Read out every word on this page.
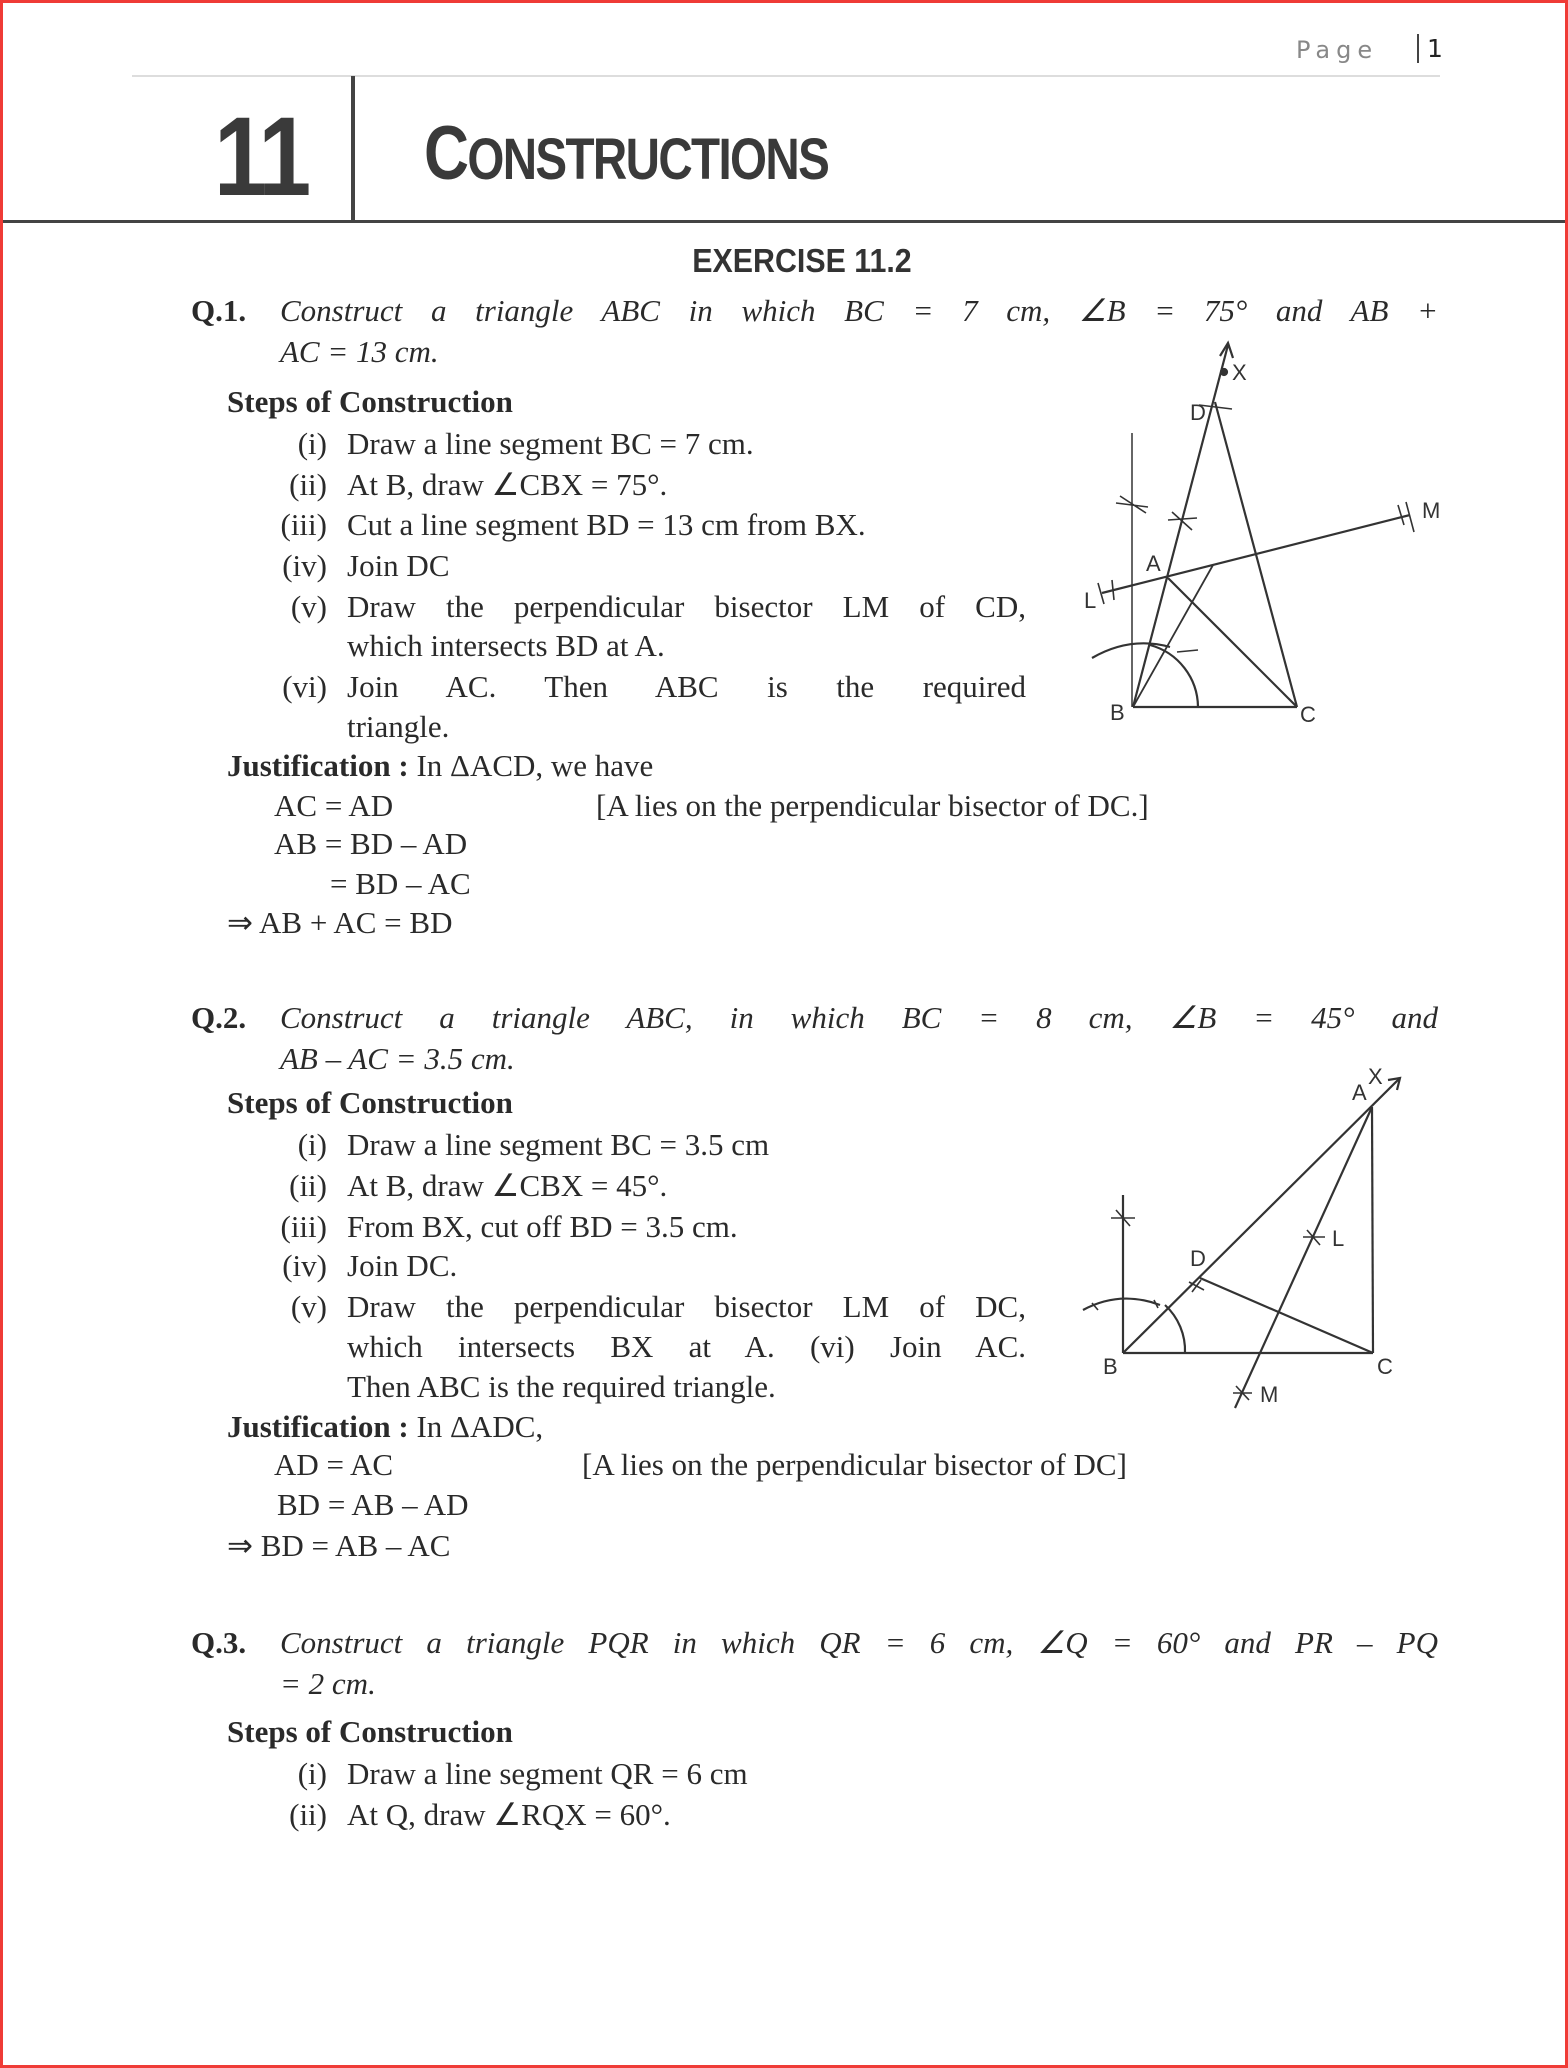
Page	1
11 CONSTRUCTIONS
EXERCISE 11.2
Q.1. Construct a triangle ABC in which BC = 7 cm, ∠B = 75° and AB +
AC = 13 cm.
Steps of Construction
(i) Draw a line segment BC = 7 cm.
(ii) At B, draw ∠CBX = 75°.
(iii) Cut a line segment BD = 13 cm from BX.
(iv) Join DC
(v) Draw the perpendicular bisector LM of CD,
which intersects BD at A.
(vi) Join AC. Then ABC is the required
triangle.
Justification : In ΔACD, we have
AC = AD	[A lies on the perpendicular bisector of DC.]
AB = BD – AD
= BD – AC
⇒ AB + AC = BD
Q.2. Construct a triangle ABC, in which BC = 8 cm, ∠B = 45° and
AB – AC = 3.5 cm.
Steps of Construction
(i) Draw a line segment BC = 3.5 cm
(ii) At B, draw ∠CBX = 45°.
(iii) From BX, cut off BD = 3.5 cm.
(iv) Join DC.
(v) Draw the perpendicular bisector LM of DC,
which intersects BX at A. (vi) Join AC.
Then ABC is the required triangle.
Justification : In ΔADC,
AD = AC	[A lies on the perpendicular bisector of DC]
BD = AB – AD
⇒ BD = AB – AC
Q.3. Construct a triangle PQR in which QR = 6 cm, ∠Q = 60° and PR – PQ
= 2 cm.
Steps of Construction
(i) Draw a line segment QR = 6 cm
(ii) At Q, draw ∠RQX = 60°.
X
D
M
A
L
B	C
A
X
D
L
B	C
M
